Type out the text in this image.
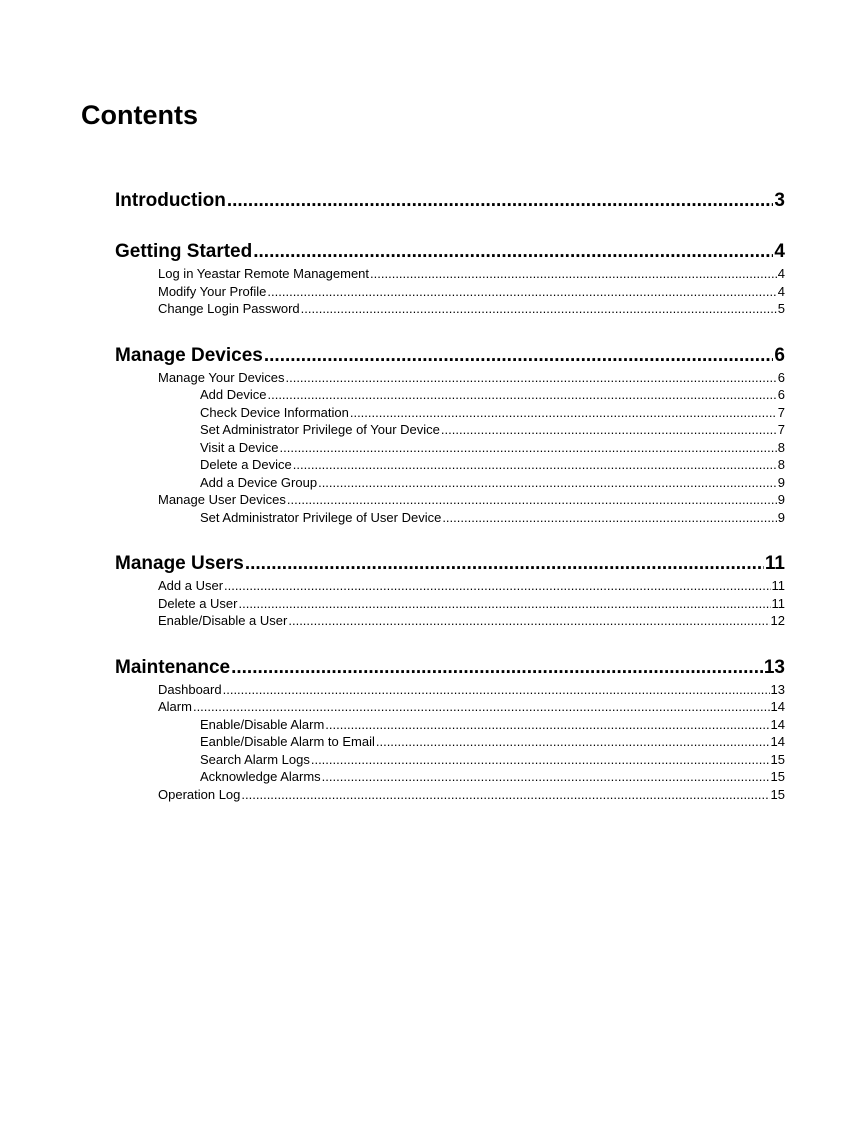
Contents
Introduction .....	3
Getting Started .....	4
Log in Yeastar Remote Management .....	4
Modify Your Profile .....	4
Change Login Password .....	5
Manage Devices .....	6
Manage Your Devices .....	6
Add Device .....	6
Check Device Information .....	7
Set Administrator Privilege of Your Device .....	7
Visit a Device .....	8
Delete a Device .....	8
Add a Device Group .....	9
Manage User Devices .....	9
Set Administrator Privilege of User Device .....	9
Manage Users .....	11
Add a User .....	11
Delete a User .....	11
Enable/Disable a User .....	12
Maintenance .....	13
Dashboard .....	13
Alarm .....	14
Enable/Disable Alarm .....	14
Eanble/Disable Alarm to Email .....	14
Search Alarm Logs .....	15
Acknowledge Alarms .....	15
Operation Log .....	15
